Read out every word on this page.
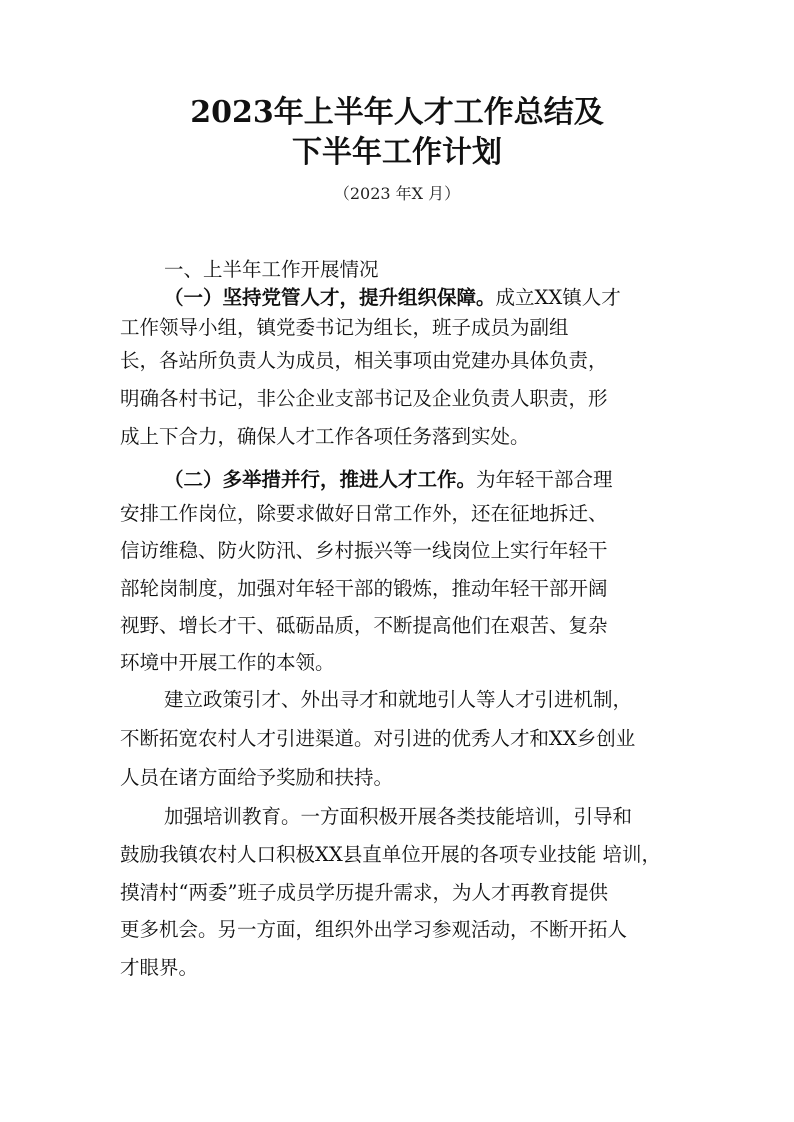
2023年上半年人才工作总结及
下半年工作计划
（2023 年X 月）
一、上半年工作开展情况
（一）坚持党管人才，提升组织保障。成立XX镇人才
工作领导小组，镇党委书记为组长，班子成员为副组
长，各站所负责人为成员，相关事项由党建办具体负责，
明确各村书记，非公企业支部书记及企业负责人职责，形
成上下合力，确保人才工作各项任务落到实处。
（二）多举措并行，推进人才工作。为年轻干部合理
安排工作岗位，除要求做好日常工作外，还在征地拆迁、
信访维稳、防火防汛、乡村振兴等一线岗位上实行年轻干
部轮岗制度，加强对年轻干部的锻炼，推动年轻干部开阔
视野、增长才干、砥砺品质，不断提高他们在艰苦、复杂
环境中开展工作的本领。
建立政策引才、外出寻才和就地引人等人才引进机制，
不断拓宽农村人才引进渠道。对引进的优秀人才和XX乡创业
人员在诸方面给予奖励和扶持。
加强培训教育。一方面积极开展各类技能培训，引导和
鼓励我镇农村人口积极XX县直单位开展的各项专业技能 培训，
摸清村“两委”班子成员学历提升需求，为人才再教育提供
更多机会。另一方面，组织外出学习参观活动，不断开拓人
才眼界。
